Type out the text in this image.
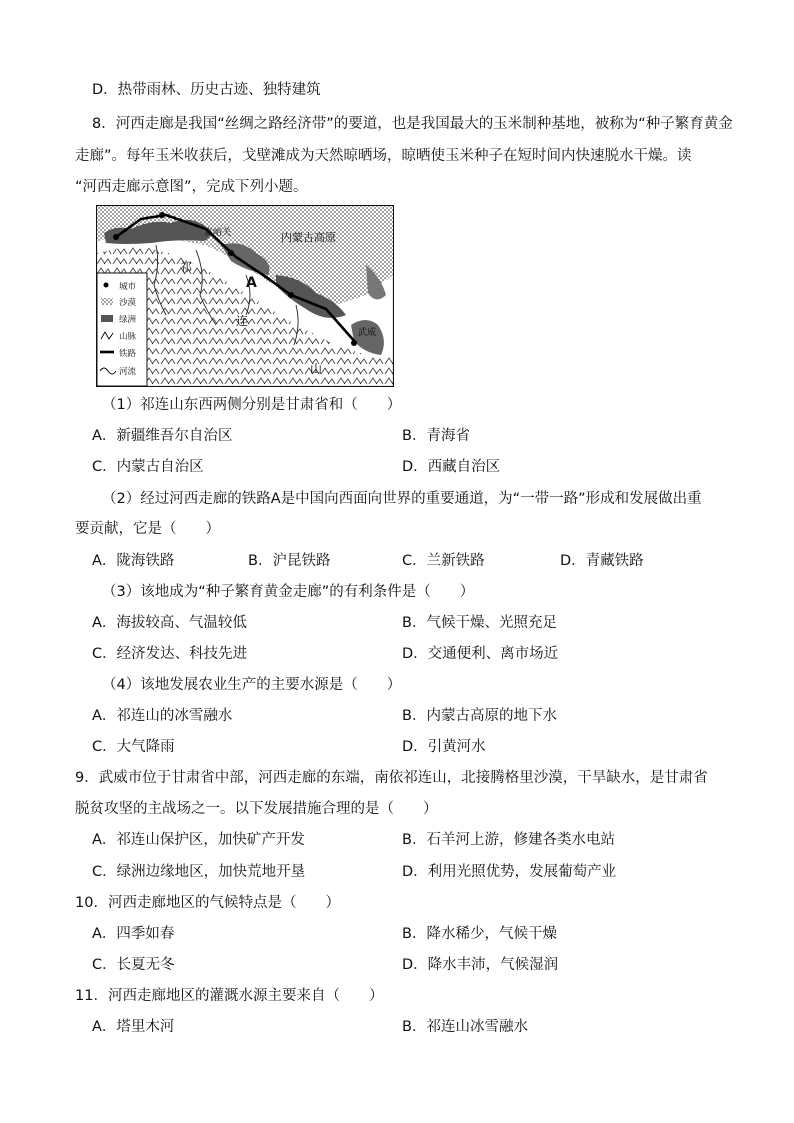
D．热带雨林、历史古迹、独特建筑
8．河西走廊是我国“丝绸之路经济带”的要道，也是我国最大的玉米制种基地，被称为“种子繁育黄金
走廊”。每年玉米收获后，戈壁滩成为天然晾晒场，晾晒使玉米种子在短时间内快速脱水干燥。读
“河西走廊示意图”，完成下列小题。
嘉峪关	内蒙古高原
A
武威
祁
连
山
城市
沙漠
绿洲
山脉
铁路
河流
（1）祁连山东西两侧分别是甘肃省和（　　）
A．新疆维吾尔自治区	B．青海省
C．内蒙古自治区	D．西藏自治区
（2）经过河西走廊的铁路A是中国向西面向世界的重要通道，为“一带一路”形成和发展做出重
要贡献，它是（　　）
A．陇海铁路	B．沪昆铁路	C．兰新铁路	D．青藏铁路
（3）该地成为“种子繁育黄金走廊”的有利条件是（　　）
A．海拔较高、气温较低	B．气候干燥、光照充足
C．经济发达、科技先进	D．交通便利、离市场近
（4）该地发展农业生产的主要水源是（　　）
A．祁连山的冰雪融水	B．内蒙古高原的地下水
C．大气降雨	D．引黄河水
9．武威市位于甘肃省中部，河西走廊的东端，南依祁连山，北接腾格里沙漠，干旱缺水，是甘肃省
脱贫攻坚的主战场之一。以下发展措施合理的是（　　）
A．祁连山保护区，加快矿产开发	B．石羊河上游，修建各类水电站
C．绿洲边缘地区，加快荒地开垦	D．利用光照优势，发展葡萄产业
10．河西走廊地区的气候特点是（　　）
A．四季如春	B．降水稀少，气候干燥
C．长夏无冬	D．降水丰沛，气候湿润
11．河西走廊地区的灌溉水源主要来自（　　）
A．塔里木河	B．祁连山冰雪融水
